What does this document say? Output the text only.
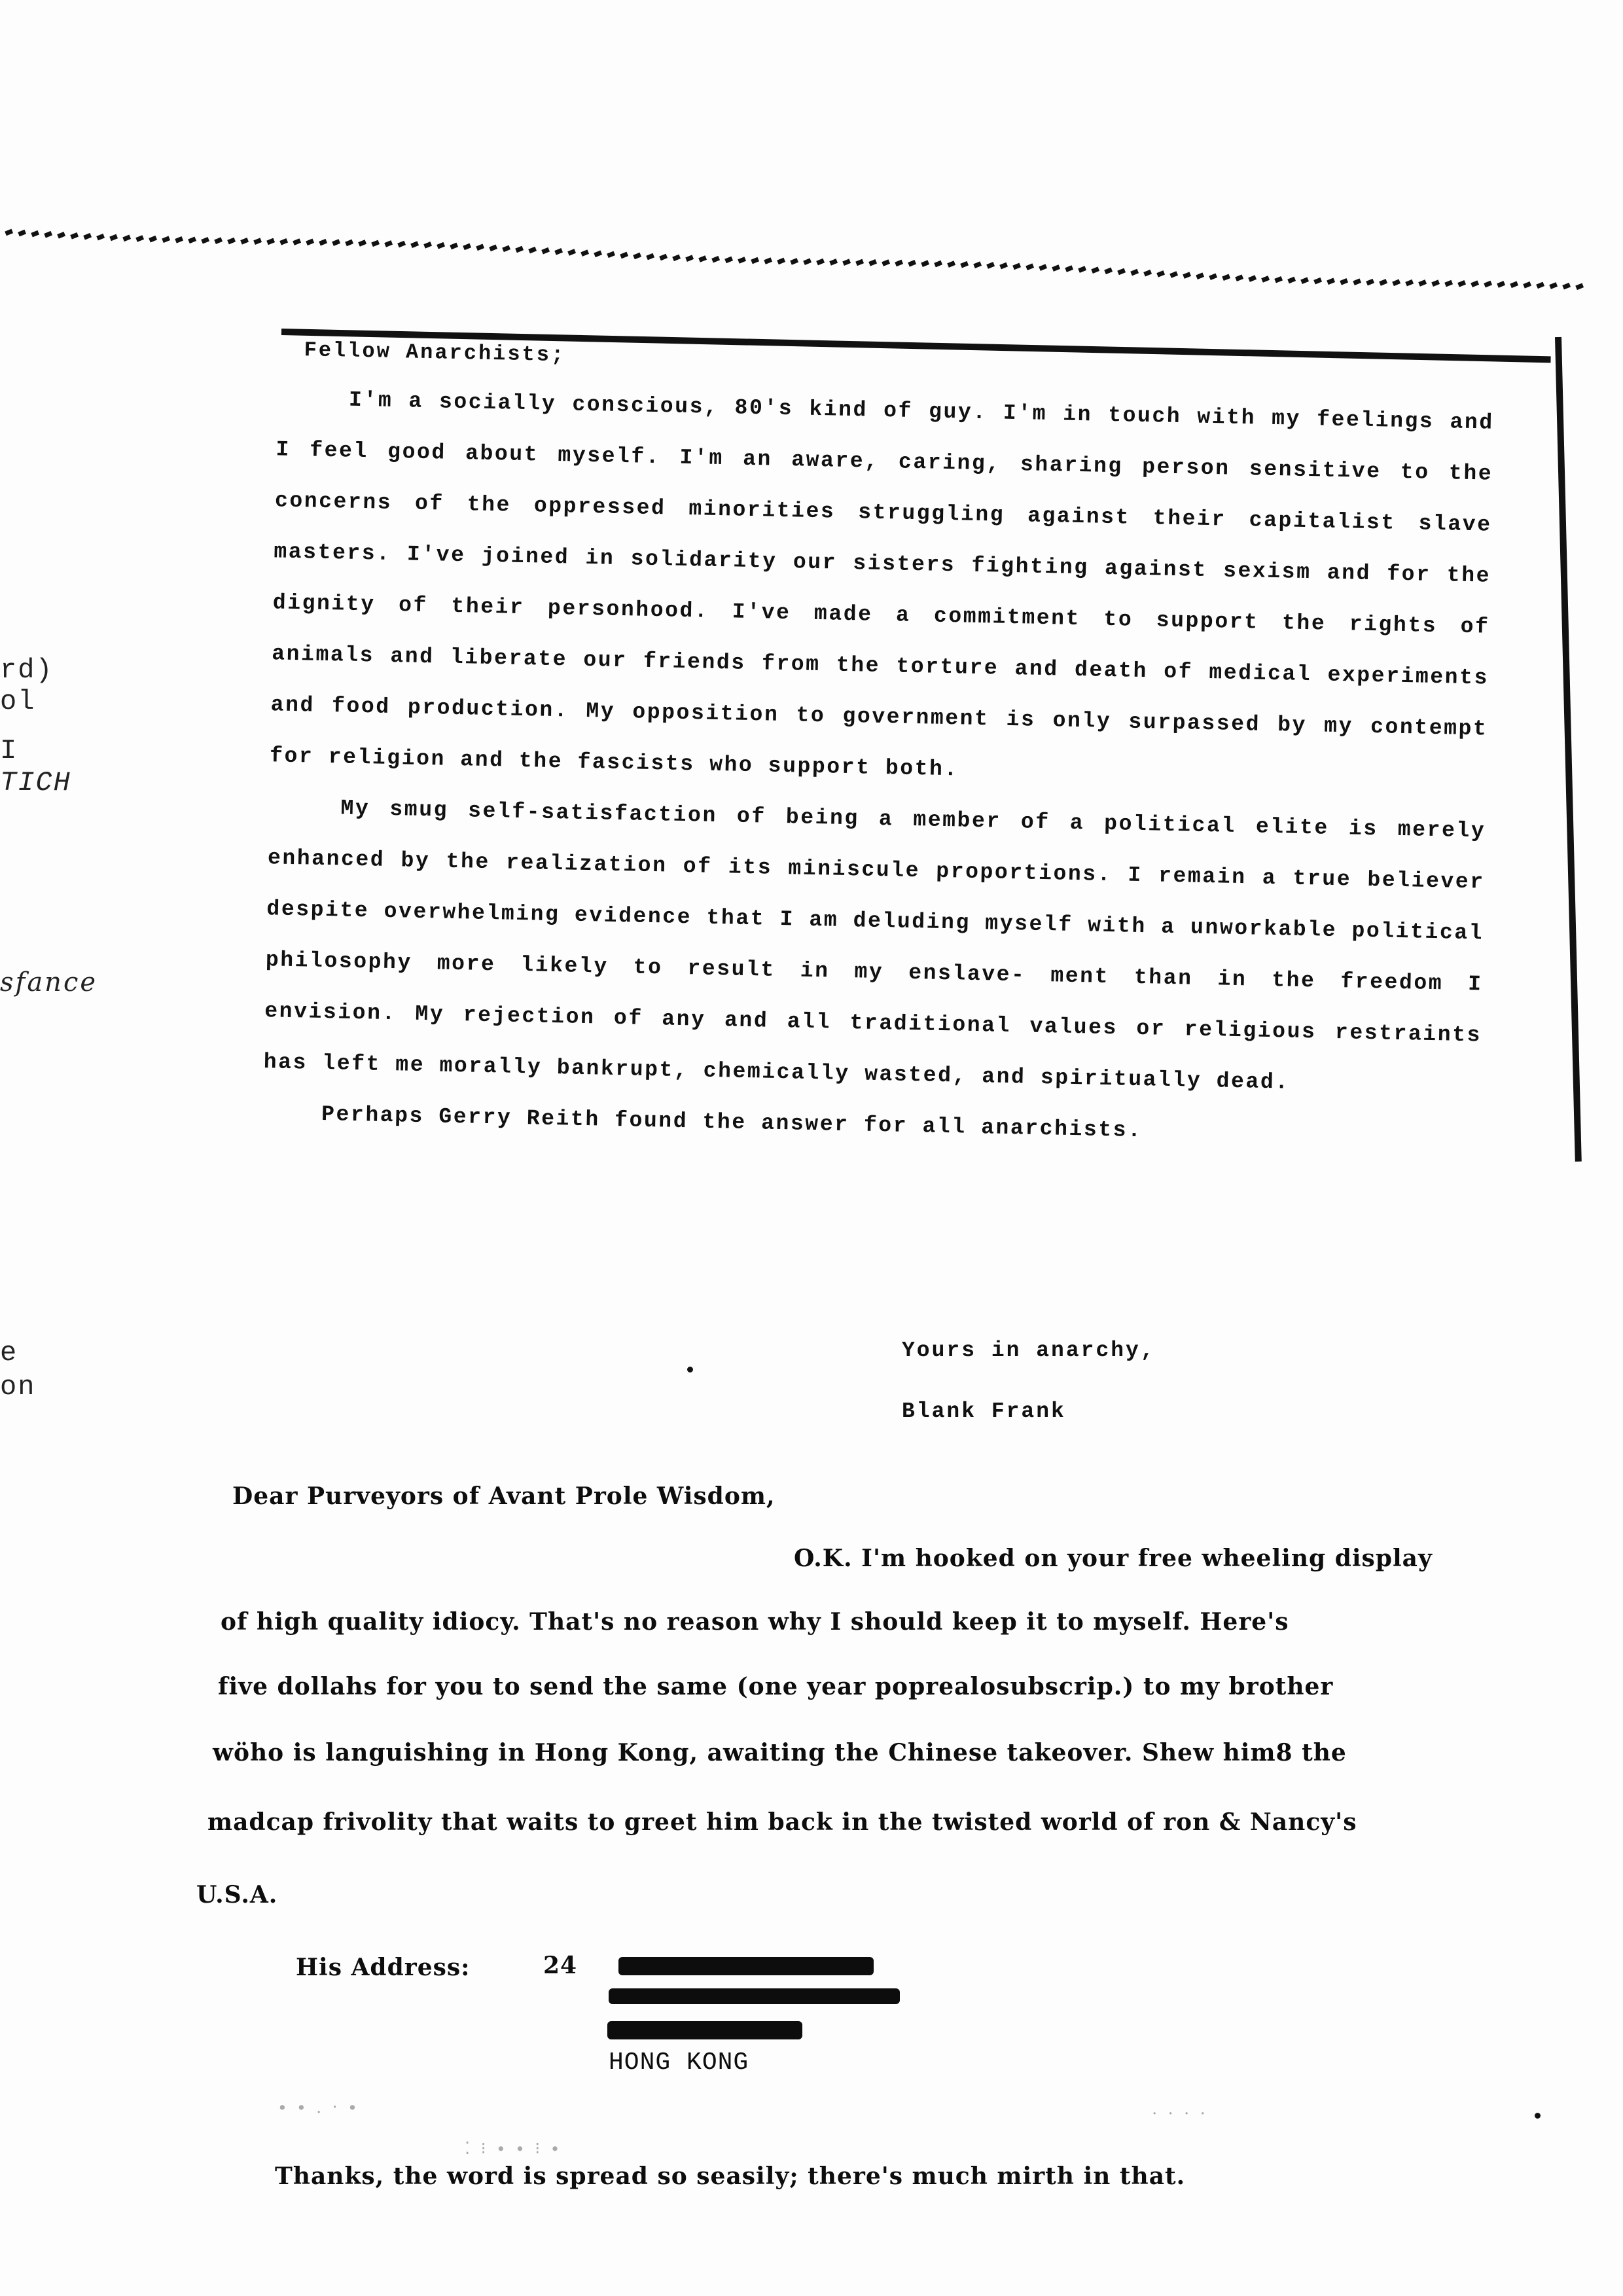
rd)
ol
I
TICH
sfance
e
on
Fellow Anarchists;

I'm a socially conscious, 80's kind of guy. I'm in touch with my feelings and I feel good about myself. I'm an aware, caring, sharing person sensitive to the concerns of the oppressed minorities struggling against their capitalist slave masters. I've joined in solidarity our sisters fighting against sexism and for the dignity of their personhood. I've made a commitment to support the rights of animals and liberate our friends from the torture and death of medical experiments and food production. My opposition to government is only surpassed by my contempt for religion and the fascists who support both.

My smug self-satisfaction of being a member of a political elite is merely enhanced by the realization of its miniscule proportions. I remain a true believer despite overwhelming evidence that I am deluding myself with a unworkable political philosophy more likely to result in my enslave- ment than in the freedom I envision. My rejection of any and all traditional values or religious restraints has left me morally bankrupt, chemically wasted, and spiritually dead.

Perhaps Gerry Reith found the answer for all anarchists.
Yours in anarchy,
Blank Frank
Dear Purveyors of Avant Prole Wisdom,
O.K. I'm hooked on your free wheeling display
of high quality idiocy. That's no reason why I should keep it to myself. Here's
five dollahs for you to send the same (one year poprealosubscrip.) to my brother
wöho is languishing in Hong Kong, awaiting the Chinese takeover. Shew him8 the
madcap frivolity that waits to greet him back in the twisted world of ron & Nancy's
U.S.A.
His Address:	24
HONG KONG
∙ ∙ . · ∙
⁚ ⁝ ∙ ∙ ⁝ ∙
· · · ·
Thanks, the word is spread so seasily; there's much mirth in that.
